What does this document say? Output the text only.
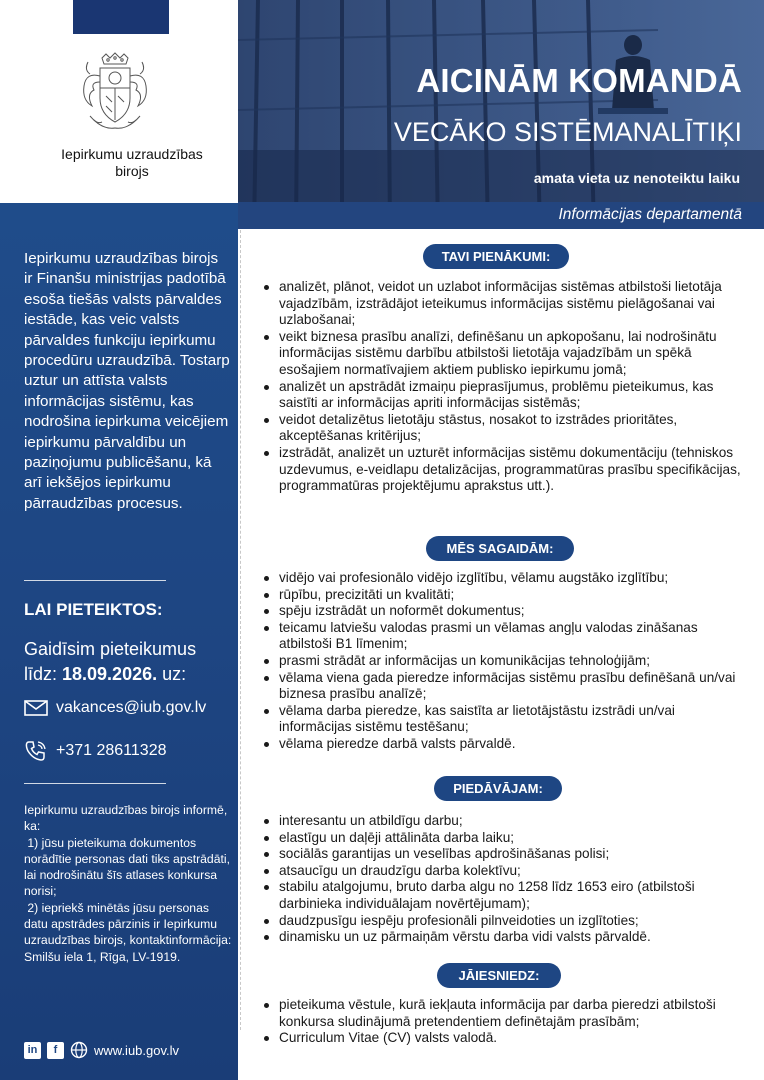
Iepirkumu uzraudzības
birojs
AICINĀM KOMANDĀ
VECĀKO SISTĒMANALĪTIĶI
amata vieta uz nenoteiktu laiku
Informācijas departamentā
Iepirkumu uzraudzības birojs ir Finanšu ministrijas padotībā esoša tiešās valsts pārvaldes iestāde, kas veic valsts pārvaldes funkciju iepirkumu procedūru uzraudzībā. Tostarp uztur un attīsta valsts informācijas sistēmu, kas nodrošina iepirkuma veicējiem iepirkumu pārvaldību un paziņojumu publicēšanu, kā arī iekšējos iepirkumu pārraudzības procesus.
LAI PIETEIKTOS:
Gaidīsim pieteikumus līdz: 18.09.2026. uz:
vakances@iub.gov.lv
+371 28611328

Iepirkumu uzraudzības birojs informē, ka:

1) jūsu pieteikuma dokumentos norādītie personas dati tiks apstrādāti, lai nodrošinātu šīs atlases konkursa norisi;

2) iepriekš minētās jūsu personas datu apstrādes pārzinis ir Iepirkumu uzraudzības birojs, kontaktinformācija:

Smilšu iela 1, Rīga, LV-1919.

in	f	www.iub.gov.lv
TAVI PIENĀKUMI:
analizēt, plānot, veidot un uzlabot informācijas sistēmas atbilstoši lietotāja vajadzībām, izstrādājot ieteikumus informācijas sistēmu pielāgošanai vai uzlabošanai;
veikt biznesa prasību analīzi, definēšanu un apkopošanu, lai nodrošinātu informācijas sistēmu darbību atbilstoši lietotāja vajadzībām un spēkā esošajiem normatīvajiem aktiem publisko iepirkumu jomā;
analizēt un apstrādāt izmaiņu pieprasījumus, problēmu pieteikumus, kas saistīti ar informācijas apriti informācijas sistēmās;
veidot detalizētus lietotāju stāstus, nosakot to izstrādes prioritātes, akceptēšanas kritērijus;
izstrādāt, analizēt un uzturēt informācijas sistēmu dokumentāciju (tehniskos uzdevumus, e-veidlapu detalizācijas, programmatūras prasību specifikācijas, programmatūras projektējumu aprakstus utt.).
MĒS SAGAIDĀM:
vidējo vai profesionālo vidējo izglītību, vēlamu augstāko izglītību;
rūpību, precizitāti un kvalitāti;
spēju izstrādāt un noformēt dokumentus;
teicamu latviešu valodas prasmi un vēlamas angļu valodas zināšanas atbilstoši B1 līmenim;
prasmi strādāt ar informācijas un komunikācijas tehnoloģijām;
vēlama viena gada pieredze informācijas sistēmu prasību definēšanā un/vai biznesa prasību analīzē;
vēlama darba pieredze, kas saistīta ar lietotājstāstu izstrādi un/vai informācijas sistēmu testēšanu;
vēlama pieredze darbā valsts pārvaldē.
PIEDĀVĀJAM:
interesantu un atbildīgu darbu;
elastīgu un daļēji attālināta darba laiku;
sociālās garantijas un veselības apdrošināšanas polisi;
atsaucīgu un draudzīgu darba kolektīvu;
stabilu atalgojumu, bruto darba algu no 1258 līdz 1653 eiro (atbilstoši darbinieka individuālajam novērtējumam);
daudzpusīgu iespēju profesionāli pilnveidoties un izglītoties;
dinamisku un uz pārmaiņām vērstu darba vidi valsts pārvaldē.
JĀIESNIEDZ:
pieteikuma vēstule, kurā iekļauta informācija par darba pieredzi atbilstoši konkursa sludinājumā pretendentiem definētajām prasībām;
Curriculum Vitae (CV) valsts valodā.
